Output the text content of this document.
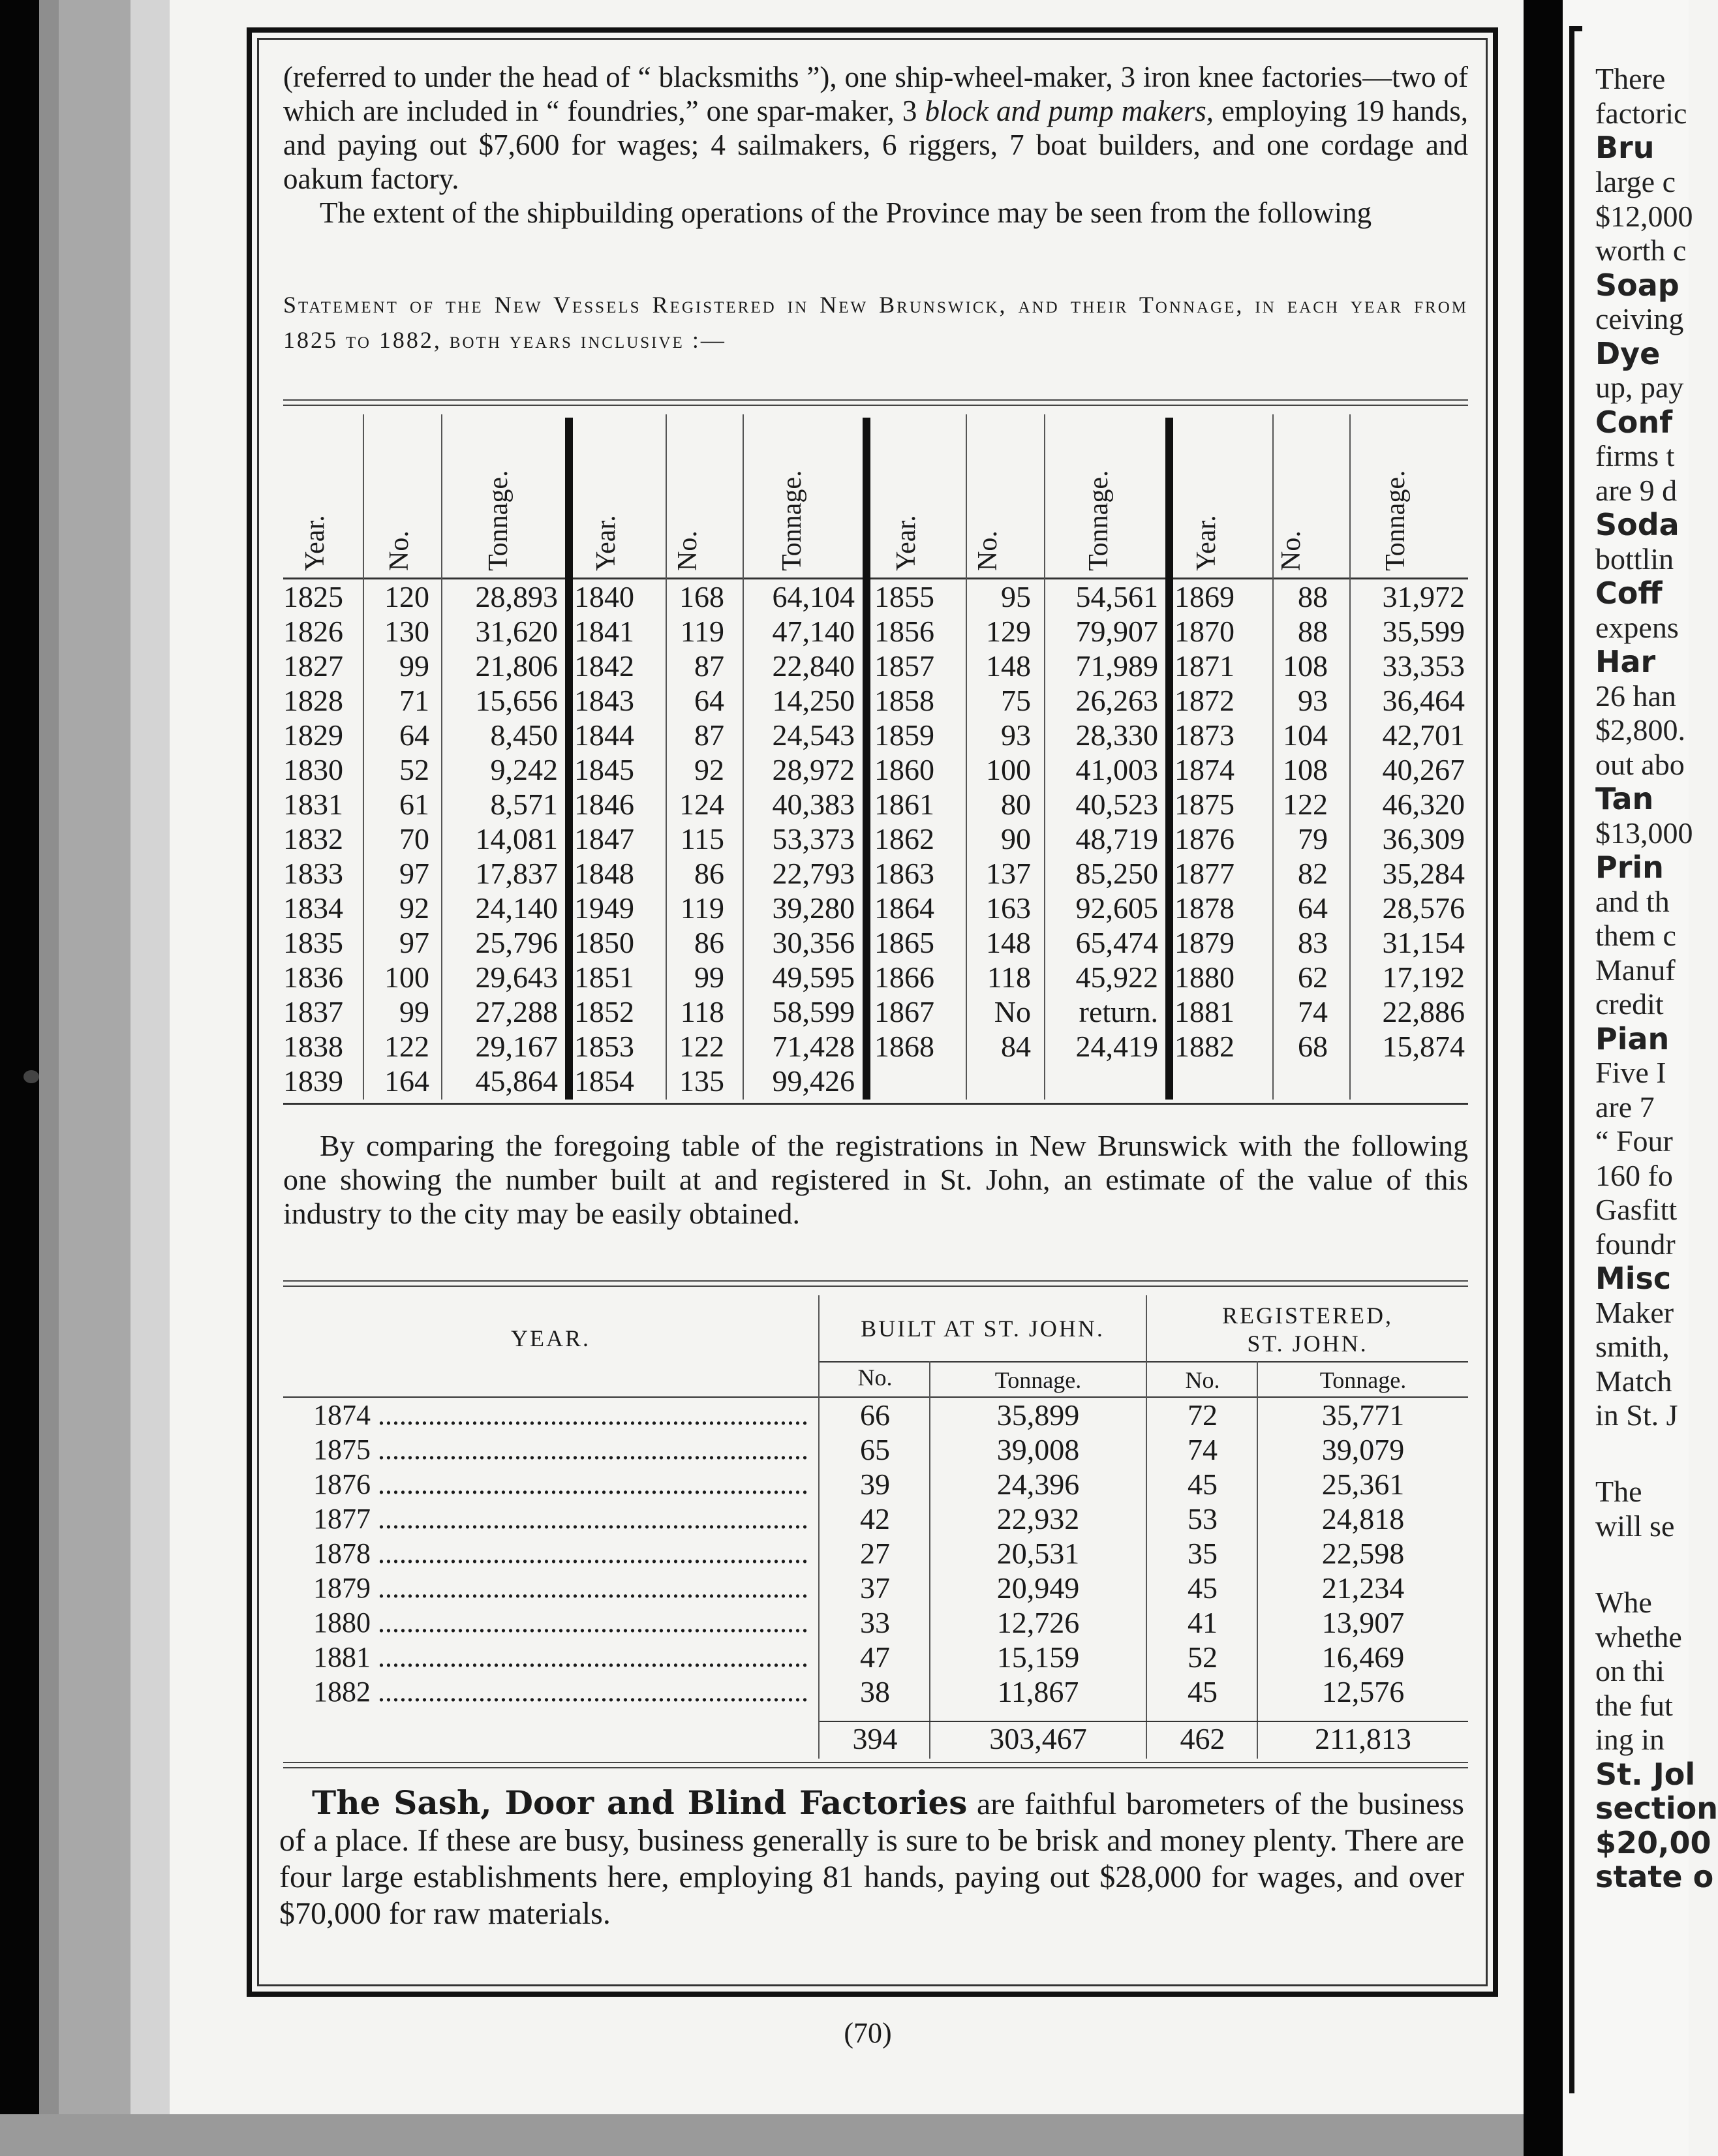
There
factoric
Bru
large c
$12,000
worth c
Soap
ceiving
Dye
up, pay
Conf
firms t
are 9 d
Soda
bottlin
Coff
expens
Har
26 han
$2,800.
out abo
Tan
$13,000
Prin
and th
them c
Manuf
credit
Pian
Five I
are 7
“ Four
160 fo
Gasfitt
foundr
Misc
Maker
smith,
Match
in St. J
The
will se
Whe
whethe
on thi
the fut
ing in
St. Jol
section
$20,00
state o
(referred to under the head of “ blacksmiths ”), one ship-wheel-maker, 3 iron knee factories—two of which are included in “ foundries,” one spar-maker, 3 block and pump makers, employing 19 hands, and paying out $7,600 for wages; 4 sailmakers, 6 riggers, 7 boat builders, and one cordage and oakum factory.
The extent of the shipbuilding operations of the Province may be seen from the following
Statement of the New Vessels Registered in New Brunswick, and their Tonnage, in each year from 1825 to 1882, both years inclusive :—
Year. No.	Tonnage.
1825	120	28,893
1826	130	31,620
1827	99	21,806
1828	71	15,656
1829	64	8,450
1830	52	9,242
1831	61	8,571
1832	70	14,081
1833	97	17,837
1834	92	24,140
1835	97	25,796
1836	100	29,643
1837	99	27,288
1838	122	29,167
1839	164	45,864
Year. No.	Tonnage.
1840	168	64,104
1841	119	47,140
1842	87	22,840
1843	64	14,250
1844	87	24,543
1845	92	28,972
1846	124	40,383
1847	115	53,373
1848	86	22,793
1949	119	39,280
1850	86	30,356
1851	99	49,595
1852	118	58,599
1853	122	71,428
1854	135	99,426
Year. No.	Tonnage.
1855	95	54,561
1856	129	79,907
1857	148	71,989
1858	75	26,263
1859	93	28,330
1860	100	41,003
1861	80	40,523
1862	90	48,719
1863	137	85,250
1864	163	92,605
1865	148	65,474
1866	118	45,922
1867	No	return.
1868	84	24,419
Year. No.	Tonnage.
1869	88	31,972
1870	88	35,599
1871	108	33,353
1872	93	36,464
1873	104	42,701
1874	108	40,267
1875	122	46,320
1876	79	36,309
1877	82	35,284
1878	64	28,576
1879	83	31,154
1880	62	17,192
1881	74	22,886
1882	68	15,874
By comparing the foregoing table of the registrations in New Brunswick with the following one showing the number built at and registered in St. John, an estimate of the value of this industry to the city may be easily obtained.
YEAR.	BUILT AT ST. JOHN.	REGISTERED,
ST. JOHN.
No.	Tonnage.	No.	Tonnage.
1874 ............................................................	66	35,899	72	35,771
1875 ............................................................	65	39,008	74	39,079
1876 ............................................................	39	24,396	45	25,361
1877 ............................................................	42	22,932	53	24,818
1878 ............................................................	27	20,531	35	22,598
1879 ............................................................	37	20,949	45	21,234
1880 ............................................................	33	12,726	41	13,907
1881 ............................................................	47	15,159	52	16,469
1882 ............................................................	38	11,867	45	12,576
394	303,467	462	211,813
The Sash, Door and Blind Factories are faithful barometers of the business of a place. If these are busy, business generally is sure to be brisk and money plenty. There are four large establishments here, employing 81 hands, paying out $28,000 for wages, and over $70,000 for raw materials.
(70)
